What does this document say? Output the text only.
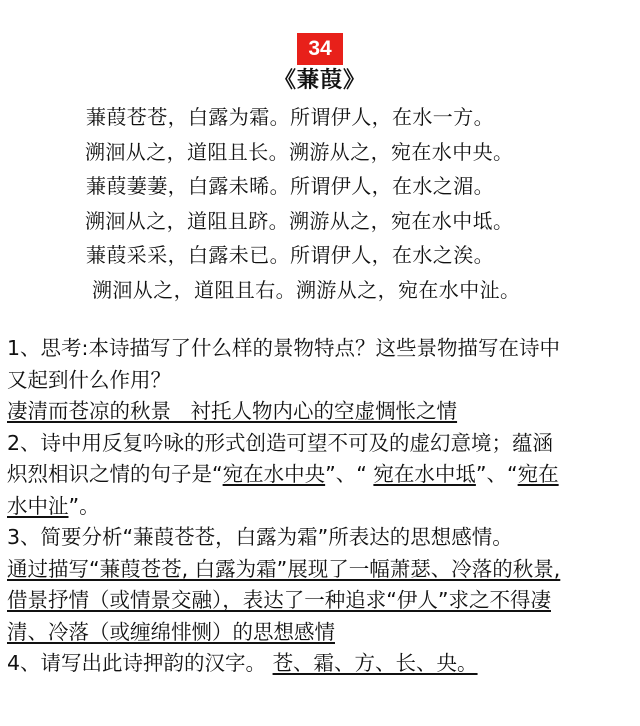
34
《蒹葭》
蒹葭苍苍，白露为霜。所谓伊人，在水一方。
溯洄从之，道阻且长。溯游从之，宛在水中央。
蒹葭萋萋，白露未晞。所谓伊人，在水之湄。
溯洄从之，道阻且跻。溯游从之，宛在水中坻。
蒹葭采采，白露未已。所谓伊人，在水之涘。
溯洄从之，道阻且右。溯游从之，宛在水中沚。
1、思考:本诗描写了什么样的景物特点？这些景物描写在诗中
又起到什么作用？
凄清而苍凉的秋景   衬托人物内心的空虚惆怅之情
2、诗中用反复吟咏的形式创造可望不可及的虚幻意境；蕴涵
炽烈相识之情的句子是“宛在水中央”、“ 宛在水中坻”、“宛在
水中沚”。
3、简要分析“蒹葭苍苍，白露为霜”所表达的思想感情。
通过描写“蒹葭苍苍, 白露为霜”展现了一幅萧瑟、冷落的秋景,
借景抒情（或情景交融），表达了一种追求“伊人”求之不得凄
清、冷落（或缠绵悱恻）的思想感情
4、请写出此诗押韵的汉字。 苍、霜、方、长、央。
